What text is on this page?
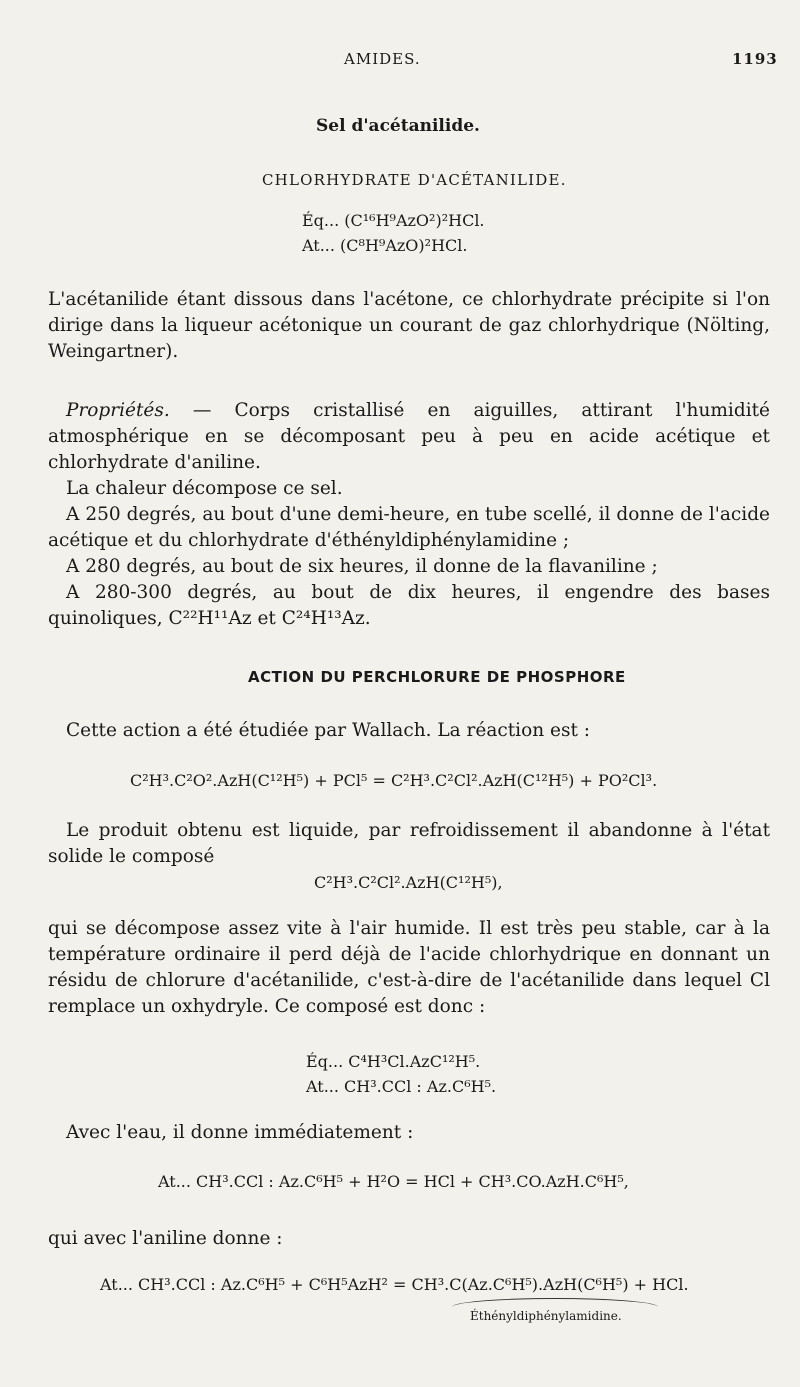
AMIDES.	1193
Sel d'acétanilide.
CHLORHYDRATE D'ACÉTANILIDE.
Éq... (C¹⁶H⁹AzO²)²HCl.
At... (C⁸H⁹AzO)²HCl.

L'acétanilide étant dissous dans l'acétone, ce chlorhydrate précipite si l'on dirige dans la liqueur acétonique un courant de gaz chlorhydrique (Nölting, Weingartner).

Propriétés. — Corps cristallisé en aiguilles, attirant l'humidité atmosphérique en se décomposant peu à peu en acide acétique et chlorhydrate d'aniline.

La chaleur décompose ce sel.

A 250 degrés, au bout d'une demi-heure, en tube scellé, il donne de l'acide acétique et du chlorhydrate d'éthényldiphénylamidine ;

A 280 degrés, au bout de six heures, il donne de la flavaniline ;

A 280-300 degrés, au bout de dix heures, il engendre des bases quinoliques, C²²H¹¹Az et C²⁴H¹³Az.

ACTION DU PERCHLORURE DE PHOSPHORE

Cette action a été étudiée par Wallach. La réaction est :

C²H³.C²O².AzH(C¹²H⁵) + PCl⁵ = C²H³.C²Cl².AzH(C¹²H⁵) + PO²Cl³.

Le produit obtenu est liquide, par refroidissement il abandonne à l'état solide le composé

C²H³.C²Cl².AzH(C¹²H⁵),

qui se décompose assez vite à l'air humide. Il est très peu stable, car à la température ordinaire il perd déjà de l'acide chlorhydrique en donnant un résidu de chlorure d'acétanilide, c'est-à-dire de l'acétanilide dans lequel Cl remplace un oxhydryle. Ce composé est donc :

Éq... C⁴H³Cl.AzC¹²H⁵.
At... CH³.CCl : Az.C⁶H⁵.

Avec l'eau, il donne immédiatement :

At... CH³.CCl : Az.C⁶H⁵ + H²O = HCl + CH³.CO.AzH.C⁶H⁵,

qui avec l'aniline donne :

At... CH³.CCl : Az.C⁶H⁵ + C⁶H⁵AzH² = CH³.C(Az.C⁶H⁵).AzH(C⁶H⁵) + HCl.
Éthényldiphénylamidine.
